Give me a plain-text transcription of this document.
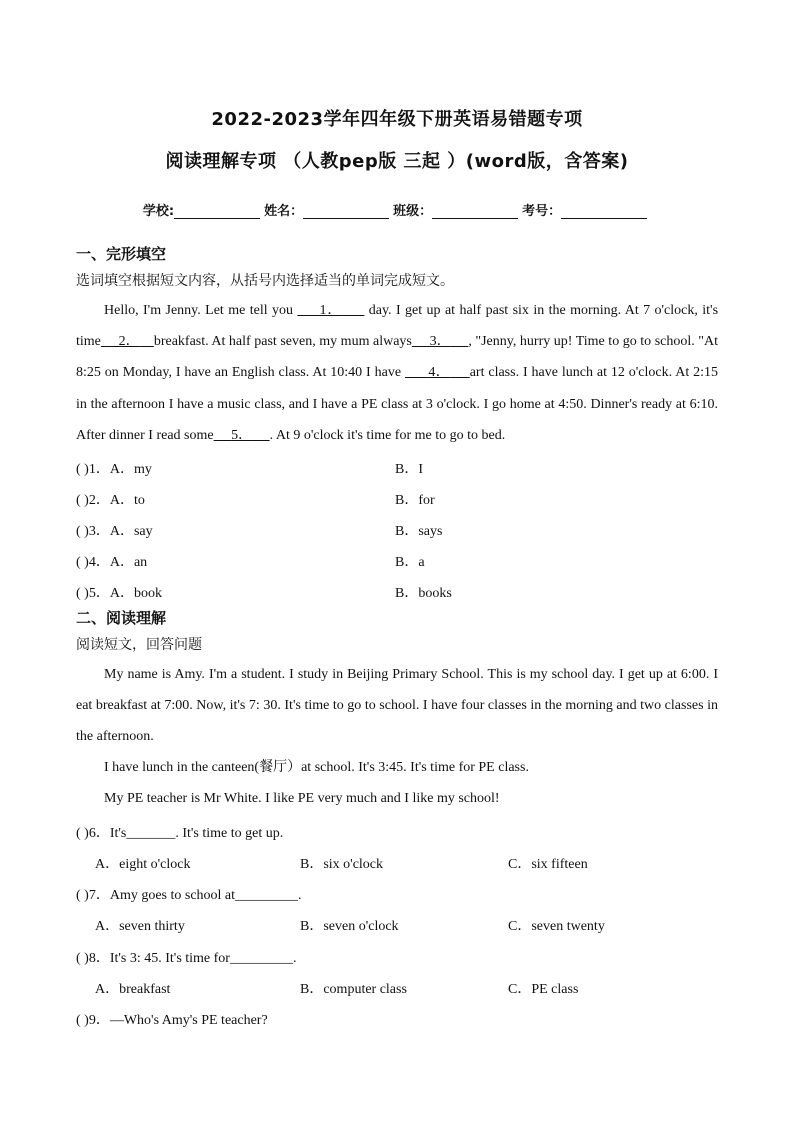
2022-2023学年四年级下册英语易错题专项
阅读理解专项 （人教pep版 三起 ）(word版，含答案)
学校:	姓名：	班级：	考号：
一、完形填空
选词填空根据短文内容，从括号内选择适当的单词完成短文。
Hello, I'm Jenny. Let me tell you      1．      day. I get up at half past six in the morning. At 7 o'clock, it's time 2． breakfast. At half past seven, my mum always 3． , "Jenny, hurry up! Time to go to school. "At 8:25 on Monday, I have an English class. At 10:40 I have       4． art class. I have lunch at 12 o'clock. At 2:15 in the afternoon I have a music class, and I have a PE class at 3 o'clock. I go home at 4:50. Dinner's ready at 6:10. After dinner I read some 5． . At 9 o'clock it's time for me to go to bed.
( )1．A．my	B．I
( )2．A．to	B．for
( )3．A．say	B．says
( )4．A．an	B．a
( )5．A．book	B．books
二、阅读理解
阅读短文，回答问题
My name is Amy. I'm a student. I study in Beijing Primary School. This is my school day. I get up at 6:00. I eat breakfast at 7:00. Now, it's 7: 30. It's time to go to school. I have four classes in the morning and two classes in the afternoon.
I have lunch in the canteen(餐厅）at school. It's 3:45. It's time for PE class.
My PE teacher is Mr White. I like PE very much and I like my school!
( )6．It's_______. It's time to get up.
A．eight o'clock	B．six o'clock	C．six fifteen
( )7．Amy goes to school at_________.
A．seven thirty	B．seven o'clock	C．seven twenty
( )8．It's 3: 45. It's time for_________.
A．breakfast	B．computer class	C．PE class
( )9．—Who's Amy's PE teacher?
